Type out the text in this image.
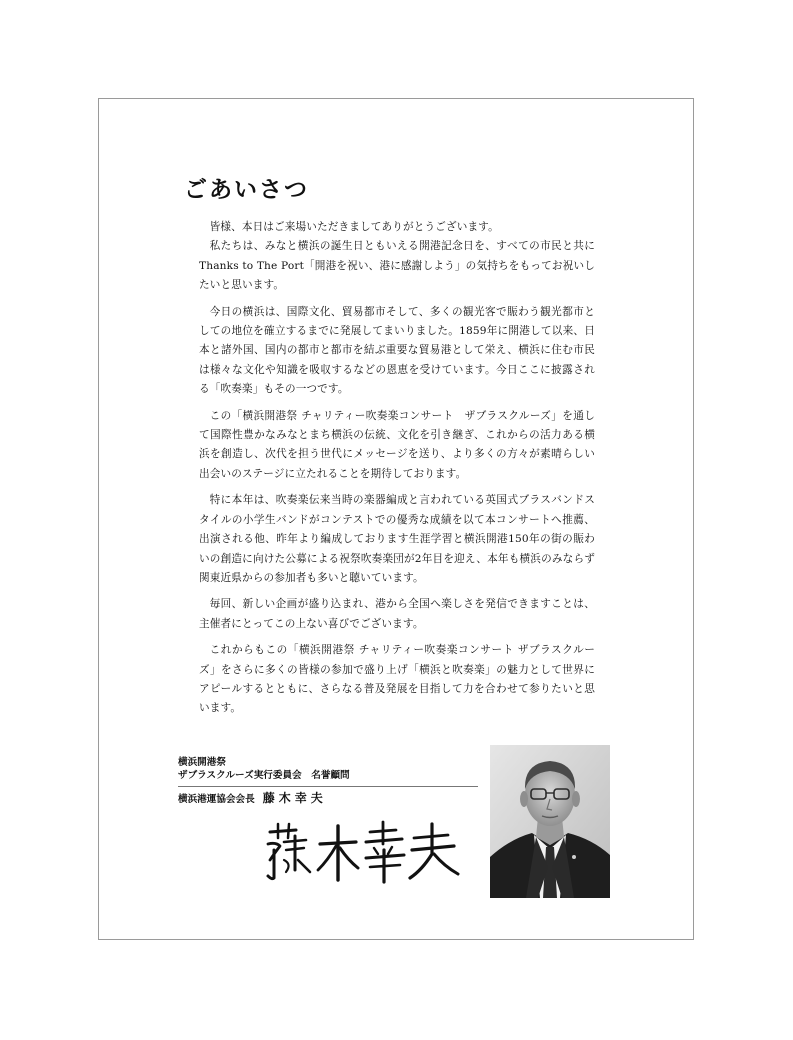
ごあいさつ

皆様、本日はご来場いただきましてありがとうございます。

私たちは、みなと横浜の誕生日ともいえる開港記念日を、すべての市民と共にThanks to The Port「開港を祝い、港に感謝しよう」の気持ちをもってお祝いしたいと思います。

今日の横浜は、国際文化、貿易都市そして、多くの観光客で賑わう観光都市としての地位を確立するまでに発展してまいりました。1859年に開港して以来、日本と諸外国、国内の都市と都市を結ぶ重要な貿易港として栄え、横浜に住む市民は様々な文化や知識を吸収するなどの恩恵を受けています。今日ここに披露される「吹奏楽」もその一つです。

この「横浜開港祭 チャリティー吹奏楽コンサート　ザブラスクルーズ」を通して国際性豊かなみなとまち横浜の伝統、文化を引き継ぎ、これからの活力ある横浜を創造し、次代を担う世代にメッセージを送り、より多くの方々が素晴らしい出会いのステージに立たれることを期待しております。

特に本年は、吹奏楽伝来当時の楽器編成と言われている英国式ブラスバンドスタイルの小学生バンドがコンテストでの優秀な成績を以て本コンサートへ推薦、出演される他、昨年より編成しております生涯学習と横浜開港150年の街の賑わいの創造に向けた公募による祝祭吹奏楽団が2年目を迎え、本年も横浜のみならず関東近県からの参加者も多いと聴いています。

毎回、新しい企画が盛り込まれ、港から全国へ楽しさを発信できますことは、主催者にとってこの上ない喜びでございます。

これからもこの「横浜開港祭 チャリティー吹奏楽コンサート ザブラスクルーズ」をさらに多くの皆様の参加で盛り上げ「横浜と吹奏楽」の魅力として世界にアピールするとともに、さらなる普及発展を目指して力を合わせて参りたいと思います。

横浜開港祭
ザブラスクルーズ実行委員会　名誉顧問
横浜港運協会会長 藤木幸夫
